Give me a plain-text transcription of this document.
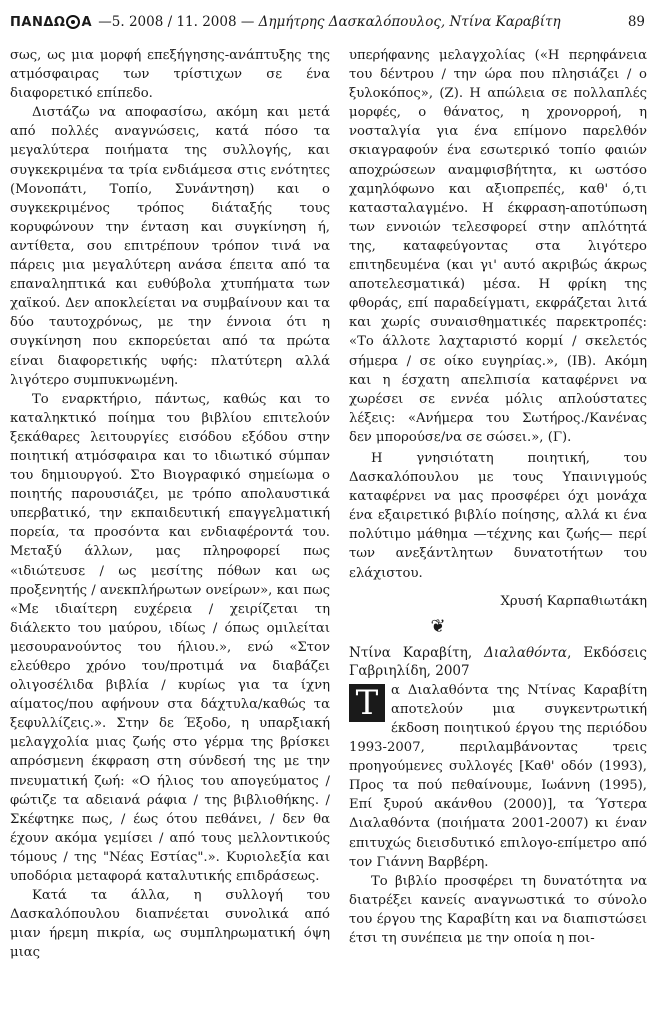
ΠΑΝΔΩ Α —5. 2008 / 11. 2008 — Δημήτρης Δασκαλόπουλος, Ντίνα Καραβίτη	89

σως, ως μια μορφή επεξήγησης-ανάπτυξης της ατμόσφαιρας των τρίστιχων σε ένα διαφορετικό επίπεδο.

Διστάζω να αποφασίσω, ακόμη και μετά από πολλές αναγνώσεις, κατά πόσο τα μεγαλύτερα ποιήματα της συλλογής, και συγκεκριμένα τα τρία ενδιάμεσα στις ενότητες (Μονοπάτι, Τοπίο, Συνάντηση) και ο συγκεκριμένος τρόπος διάταξής τους κορυφώνουν την ένταση και συγκίνηση ή, αντίθετα, σου επιτρέπουν τρόπον τινά να πάρεις μια μεγαλύτερη ανάσα έπειτα από τα επαναληπτικά και ευθύβολα χτυπήματα των χαϊκού. Δεν αποκλείεται να συμβαίνουν και τα δύο ταυτοχρόνως, με την έννοια ότι η συγκίνηση που εκπορεύεται από τα πρώτα είναι διαφορετικής υφής: πλατύτερη αλλά λιγότερο συμπυκνωμένη.

Το εναρκτήριο, πάντως, καθώς και το καταληκτικό ποίημα του βιβλίου επιτελούν ξεκάθαρες λειτουργίες εισόδου εξόδου στην ποιητική ατμόσφαιρα και το ιδιωτικό σύμπαν του δημιουργού. Στο Βιογραφικό σημείωμα ο ποιητής παρουσιάζει, με τρόπο απολαυστικά υπερβατικό, την εκπαιδευτική επαγγελματική πορεία, τα προσόντα και ενδιαφέροντά του. Μεταξύ άλλων, μας πληροφορεί πως «ιδιώτευσε / ως μεσίτης πόθων και ως προξενητής / ανεκπλήρωτων ονείρων», και πως «Με ιδιαίτερη ευχέρεια / χειρίζεται τη διάλεκτο του μαύρου, ιδίως / όπως ομιλείται μεσουρανούντος του ήλιου.», ενώ «Στον ελεύθερο χρόνο του/προτιμά να διαβάζει ολιγοσέλιδα βιβλία / κυρίως για τα ίχνη αίματος/που αφήνουν στα δάχτυλα/καθώς τα ξεφυλλίζεις.». Στην δε Έξοδο, η υπαρξιακή μελαγχολία μιας ζωής στο γέρμα της βρίσκει απρόσμενη έκφραση στη σύνδεσή της με την πνευματική ζωή: «Ο ήλιος του απογεύματος / φώτιζε τα αδειανά ράφια / της βιβλιοθήκης. / Σκέφτηκε πως, / έως ότου πεθάνει, / δεν θα έχουν ακόμα γεμίσει / από τους μελλοντικούς τόμους / της "Νέας Εστίας".». Κυριολεξία και υποδόρια μεταφορά καταλυτικής επιδράσεως.

Κατά τα άλλα, η συλλογή του Δασκαλόπουλου διαπνέεται συνολικά από μιαν ήρεμη πικρία, ως συμπληρωματική όψη μιας

υπερήφανης μελαγχολίας («Η περηφάνεια του δέντρου / την ώρα που πλησιάζει / ο ξυλοκόπος», (Ζ). Η απώλεια σε πολλαπλές μορφές, ο θάνατος, η χρονορροή, η νοσταλγία για ένα επίμονο παρελθόν σκιαγραφούν ένα εσωτερικό τοπίο φαιών αποχρώσεων αναμφισβήτητα, κι ωστόσο χαμηλόφωνο και αξιοπρεπές, καθ' ό,τι κατασταλαγμένο. Η έκφραση-αποτύπωση των εννοιών τελεσφορεί στην απλότητά της, καταφεύγοντας στα λιγότερο επιτηδευμένα (και γι' αυτό ακριβώς άκρως αποτελεσματικά) μέσα. Η φρίκη της φθοράς, επί παραδείγματι, εκφράζεται λιτά και χωρίς συναισθηματικές παρεκτροπές: «Το άλλοτε λαχταριστό κορμί / σκελετός σήμερα / σε οίκο ευγηρίας.», (ΙΒ). Ακόμη και η έσχατη απελπισία καταφέρνει να χωρέσει σε εννέα μόλις απλούστατες λέξεις: «Ανήμερα του Σωτήρος./Κανένας δεν μπορούσε/να σε σώσει.», (Γ).

Η γνησιότατη ποιητική, του Δασκαλόπουλου με τους Υπαινιγμούς καταφέρνει να μας προσφέρει όχι μονάχα ένα εξαιρετικό βιβλίο ποίησης, αλλά κι ένα πολύτιμο μάθημα —τέχνης και ζωής— περί των ανεξάντλητων δυνατοτήτων του ελάχιστου.

Χρυσή Καρπαθιωτάκη
❦

Ντίνα Καραβίτη, Διαλαθόντα, Εκδόσεις Γαβριηλίδη, 2007

Τ α Διαλαθόντα της Ντίνας Καραβίτη αποτελούν μια συγκεντρωτική έκδοση ποιητικού έργου της περιόδου 1993-2007, περιλαμβάνοντας τρεις προηγούμενες συλλογές [Καθ' οδόν (1993), Προς τα πού πεθαίνουμε, Ιωάννη (1995), Επί ξυρού ακάνθου (2000)], τα Ύστερα Διαλαθόντα (ποιήματα 2001-2007) κι έναν επιτυχώς διεισδυτικό επιλογο-επίμετρο από τον Γιάννη Βαρβέρη.

Το βιβλίο προσφέρει τη δυνατότητα να διατρέξει κανείς αναγνωστικά το σύνολο του έργου της Καραβίτη και να διαπιστώσει έτσι τη συνέπεια με την οποία η ποι-
